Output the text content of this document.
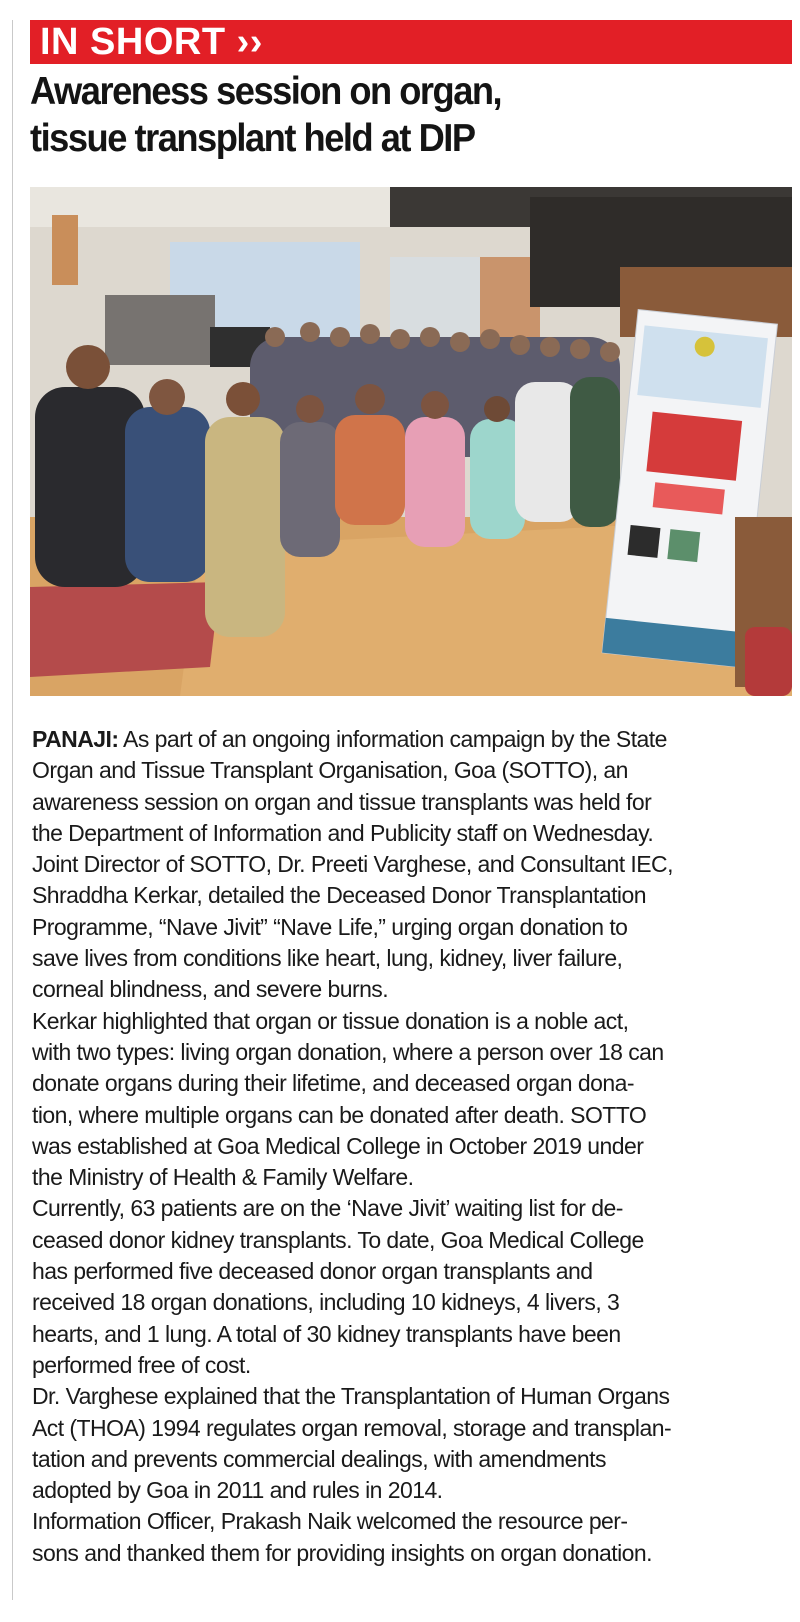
IN SHORT ››
Awareness session on organ,
tissue transplant held at DIP
PANAJI: As part of an ongoing information campaign by the State
Organ and Tissue Transplant Organisation, Goa (SOTTO), an
awareness session on organ and tissue transplants was held for
the Department of Information and Publicity staff on Wednesday.
Joint Director of SOTTO, Dr. Preeti Varghese, and Consultant IEC,
Shraddha Kerkar, detailed the Deceased Donor Transplantation
Programme, “Nave Jivit” “Nave Life,” urging organ donation to
save lives from conditions like heart, lung, kidney, liver failure,
corneal blindness, and severe burns.
Kerkar highlighted that organ or tissue donation is a noble act,
with two types: living organ donation, where a person over 18 can
donate organs during their lifetime, and deceased organ dona-
tion, where multiple organs can be donated after death. SOTTO
was established at Goa Medical College in October 2019 under
the Ministry of Health & Family Welfare.
Currently, 63 patients are on the ‘Nave Jivit’ waiting list for de-
ceased donor kidney transplants. To date, Goa Medical College
has performed five deceased donor organ transplants and
received 18 organ donations, including 10 kidneys, 4 livers, 3
hearts, and 1 lung. A total of 30 kidney transplants have been
performed free of cost.
Dr. Varghese explained that the Transplantation of Human Organs
Act (THOA) 1994 regulates organ removal, storage and transplan-
tation and prevents commercial dealings, with amendments
adopted by Goa in 2011 and rules in 2014.
Information Officer, Prakash Naik welcomed the resource per-
sons and thanked them for providing insights on organ donation.
